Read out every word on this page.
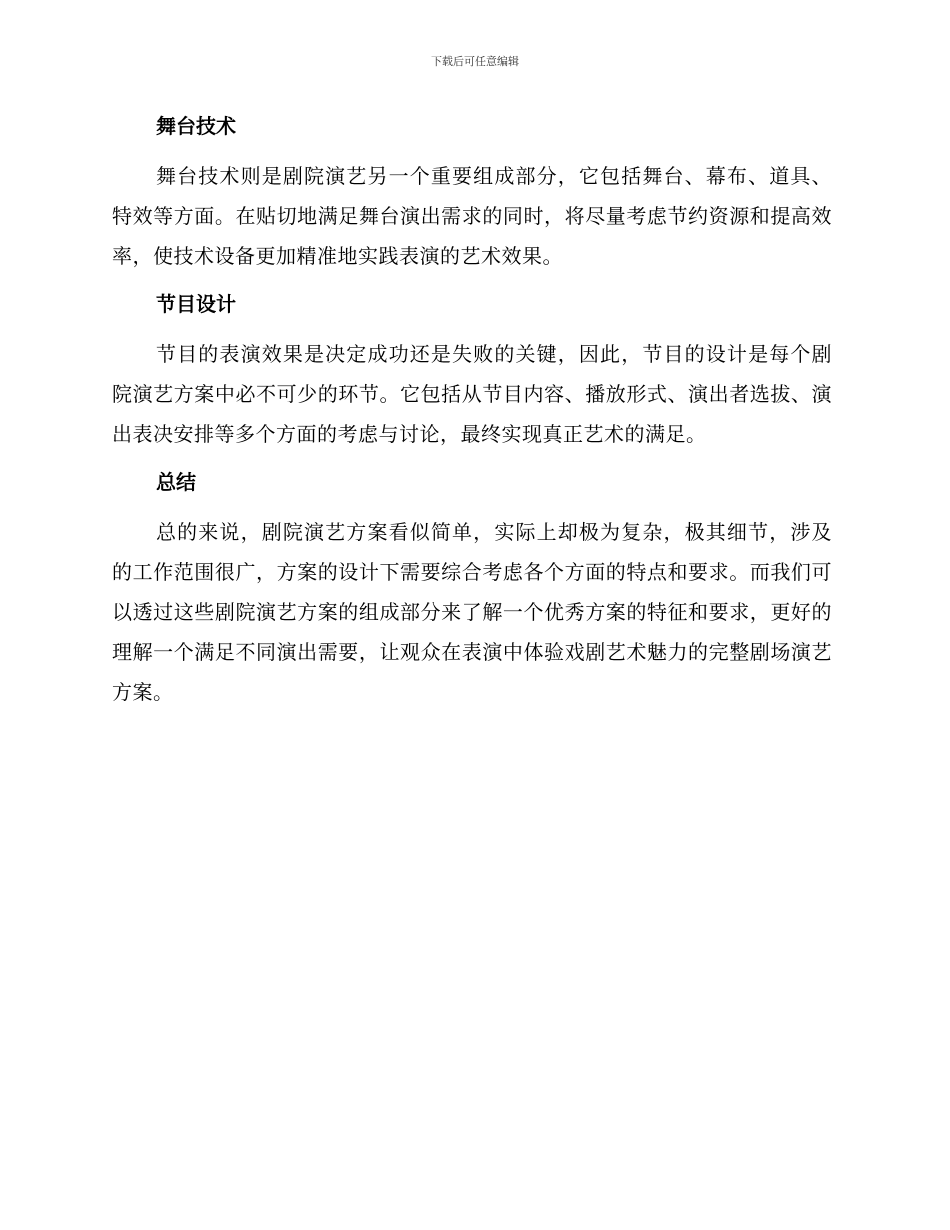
下载后可任意编辑
舞台技术

舞台技术则是剧院演艺另一个重要组成部分，它包括舞台、幕布、道具、特效等方面。在贴切地满足舞台演出需求的同时，将尽量考虑节约资源和提高效率，使技术设备更加精准地实践表演的艺术效果。

节目设计

节目的表演效果是决定成功还是失败的关键，因此，节目的设计是每个剧院演艺方案中必不可少的环节。它包括从节目内容、播放形式、演出者选拔、演出表决安排等多个方面的考虑与讨论，最终实现真正艺术的满足。

总结

总的来说，剧院演艺方案看似简单，实际上却极为复杂，极其细节，涉及的工作范围很广，方案的设计下需要综合考虑各个方面的特点和要求。而我们可以透过这些剧院演艺方案的组成部分来了解一个优秀方案的特征和要求，更好的理解一个满足不同演出需要，让观众在表演中体验戏剧艺术魅力的完整剧场演艺方案。
